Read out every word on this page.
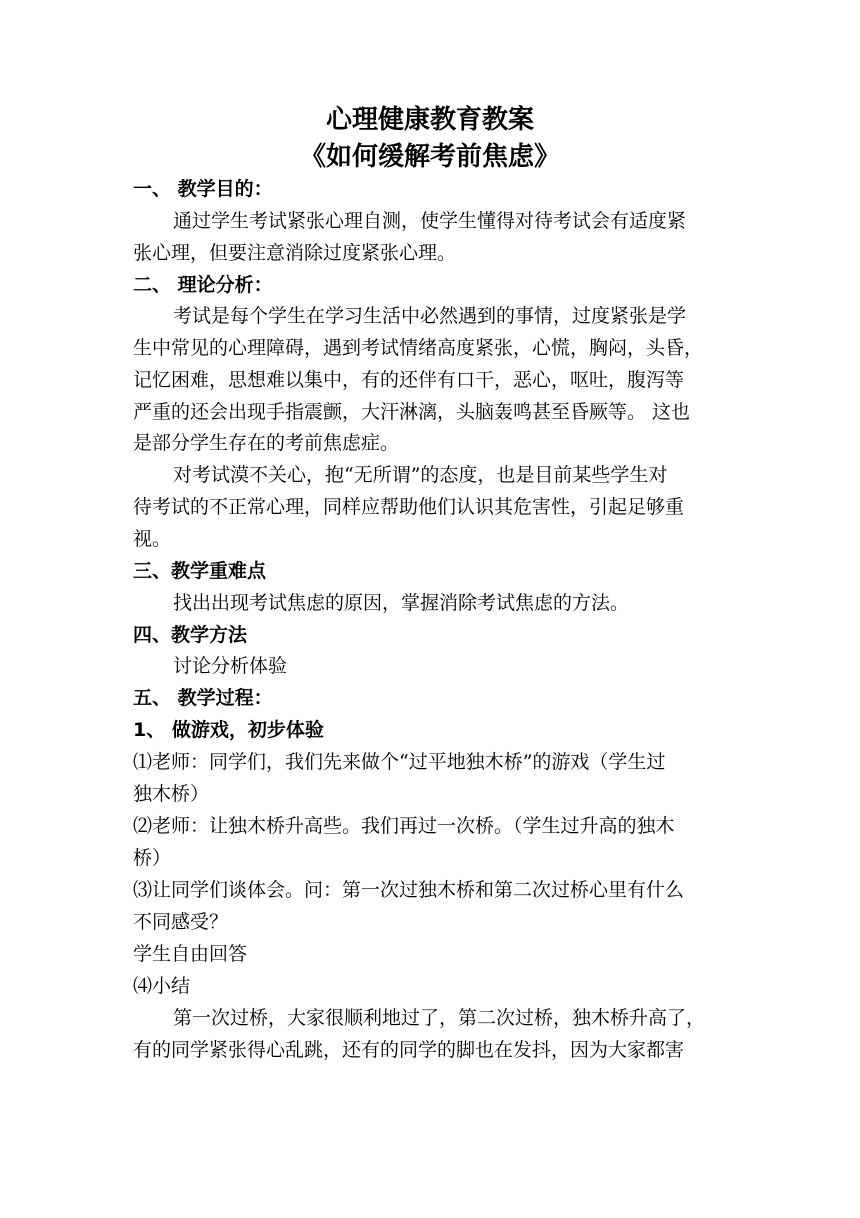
心理健康教育教案
《如何缓解考前焦虑》
一、 教学目的：
通过学生考试紧张心理自测，使学生懂得对待考试会有适度紧
张心理，但要注意消除过度紧张心理。
二、 理论分析：
考试是每个学生在学习生活中必然遇到的事情，过度紧张是学
生中常见的心理障碍，遇到考试情绪高度紧张，心慌，胸闷，头昏，
记忆困难，思想难以集中，有的还伴有口干，恶心，呕吐，腹泻等
严重的还会出现手指震颤，大汗淋漓，头脑轰鸣甚至昏厥等。 这也
是部分学生存在的考前焦虑症。
对考试漠不关心，抱“无所谓”的态度，也是目前某些学生对
待考试的不正常心理，同样应帮助他们认识其危害性，引起足够重
视。
三、教学重难点
找出出现考试焦虑的原因，掌握消除考试焦虑的方法。
四、教学方法
讨论分析体验
五、 教学过程：
1、 做游戏，初步体验
⑴老师：同学们，我们先来做个“过平地独木桥”的游戏（学生过
独木桥）
⑵老师：让独木桥升高些。我们再过一次桥。（学生过升高的独木
桥）
⑶让同学们谈体会。问：第一次过独木桥和第二次过桥心里有什么
不同感受？
学生自由回答
⑷小结
第一次过桥，大家很顺利地过了，第二次过桥，独木桥升高了，
有的同学紧张得心乱跳，还有的同学的脚也在发抖，因为大家都害
